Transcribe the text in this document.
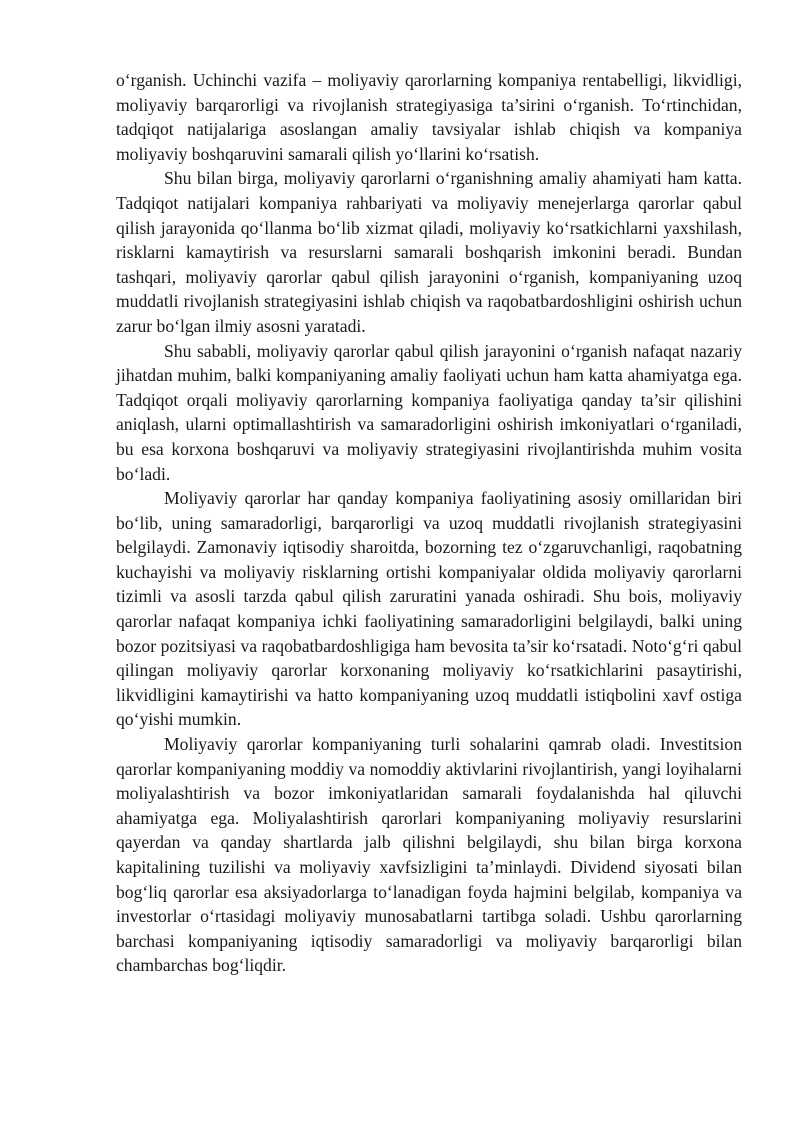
o‘rganish. Uchinchi vazifa – moliyaviy qarorlarning kompaniya rentabelligi, likvidligi, moliyaviy barqarorligi va rivojlanish strategiyasiga ta’sirini o‘rganish. To‘rtinchidan, tadqiqot natijalariga asoslangan amaliy tavsiyalar ishlab chiqish va kompaniya moliyaviy boshqaruvini samarali qilish yo‘llarini ko‘rsatish.

Shu bilan birga, moliyaviy qarorlarni o‘rganishning amaliy ahamiyati ham katta. Tadqiqot natijalari kompaniya rahbariyati va moliyaviy menejerlarga qarorlar qabul qilish jarayonida qo‘llanma bo‘lib xizmat qiladi, moliyaviy ko‘rsatkichlarni yaxshilash, risklarni kamaytirish va resurslarni samarali boshqarish imkonini beradi. Bundan tashqari, moliyaviy qarorlar qabul qilish jarayonini o‘rganish, kompaniyaning uzoq muddatli rivojlanish strategiyasini ishlab chiqish va raqobatbardoshligini oshirish uchun zarur bo‘lgan ilmiy asosni yaratadi.

Shu sababli, moliyaviy qarorlar qabul qilish jarayonini o‘rganish nafaqat nazariy jihatdan muhim, balki kompaniyaning amaliy faoliyati uchun ham katta ahamiyatga ega. Tadqiqot orqali moliyaviy qarorlarning kompaniya faoliyatiga qanday ta’sir qilishini aniqlash, ularni optimallashtirish va samaradorligini oshirish imkoniyatlari o‘rganiladi, bu esa korxona boshqaruvi va moliyaviy strategiyasini rivojlantirishda muhim vosita bo‘ladi.

Moliyaviy qarorlar har qanday kompaniya faoliyatining asosiy omillaridan biri bo‘lib, uning samaradorligi, barqarorligi va uzoq muddatli rivojlanish strategiyasini belgilaydi. Zamonaviy iqtisodiy sharoitda, bozorning tez o‘zgaruvchanligi, raqobatning kuchayishi va moliyaviy risklarning ortishi kompaniyalar oldida moliyaviy qarorlarni tizimli va asosli tarzda qabul qilish zaruratini yanada oshiradi. Shu bois, moliyaviy qarorlar nafaqat kompaniya ichki faoliyatining samaradorligini belgilaydi, balki uning bozor pozitsiyasi va raqobatbardoshligiga ham bevosita ta’sir ko‘rsatadi. Noto‘g‘ri qabul qilingan moliyaviy qarorlar korxonaning moliyaviy ko‘rsatkichlarini pasaytirishi, likvidligini kamaytirishi va hatto kompaniyaning uzoq muddatli istiqbolini xavf ostiga qo‘yishi mumkin.

Moliyaviy qarorlar kompaniyaning turli sohalarini qamrab oladi. Investitsion qarorlar kompaniyaning moddiy va nomoddiy aktivlarini rivojlantirish, yangi loyihalarni moliyalashtirish va bozor imkoniyatlaridan samarali foydalanishda hal qiluvchi ahamiyatga ega. Moliyalashtirish qarorlari kompaniyaning moliyaviy resurslarini qayerdan va qanday shartlarda jalb qilishni belgilaydi, shu bilan birga korxona kapitalining tuzilishi va moliyaviy xavfsizligini ta’minlaydi. Dividend siyosati bilan bog‘liq qarorlar esa aksiyadorlarga to‘lanadigan foyda hajmini belgilab, kompaniya va investorlar o‘rtasidagi moliyaviy munosabatlarni tartibga soladi. Ushbu qarorlarning barchasi kompaniyaning iqtisodiy samaradorligi va moliyaviy barqarorligi bilan chambarchas bog‘liqdir.
